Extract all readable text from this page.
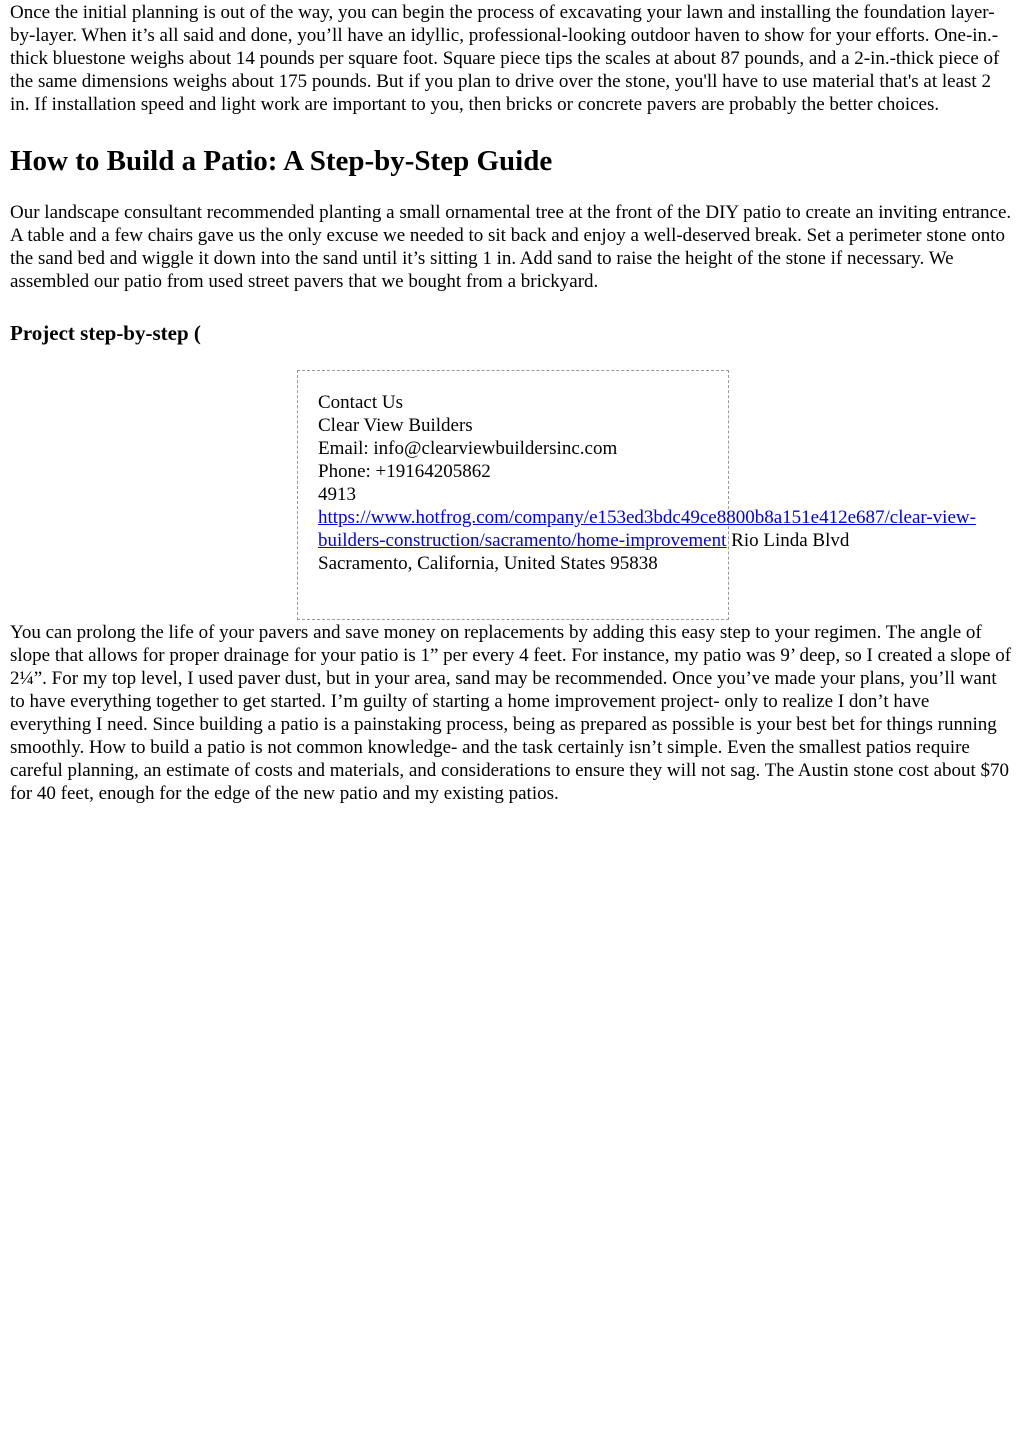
Once the initial planning is out of the way, you can begin the process of excavating your lawn and installing the foundation layer-by-layer. When it’s all said and done, you’ll have an idyllic, professional-looking outdoor haven to show for your efforts. One-in.-thick bluestone weighs about 14 pounds per square foot. Square piece tips the scales at about 87 pounds, and a 2-in.-thick piece of the same dimensions weighs about 175 pounds. But if you plan to drive over the stone, you'll have to use material that's at least 2 in. If installation speed and light work are important to you, then bricks or concrete pavers are probably the better choices.

How to Build a Patio: A Step-by-Step Guide

Our landscape consultant recommended planting a small ornamental tree at the front of the DIY patio to create an inviting entrance. A table and a few chairs gave us the only excuse we needed to sit back and enjoy a well-deserved break. Set a perimeter stone onto the sand bed and wiggle it down into the sand until it’s sitting 1 in. Add sand to raise the height of the stone if necessary. We assembled our patio from used street pavers that we bought from a brickyard.

Project step-by-step (
Contact Us
Clear View Builders
Email: info@clearviewbuildersinc.com
Phone: +19164205862
4913
https://www.hotfrog.com/company/e153ed3bdc49ce8800b8a151e412e687/clear-view-builders-construction/sacramento/home-improvement Rio Linda Blvd
Sacramento, California, United States 95838

You can prolong the life of your pavers and save money on replacements by adding this easy step to your regimen. The angle of slope that allows for proper drainage for your patio is 1” per every 4 feet. For instance, my patio was 9’ deep, so I created a slope of 2¼”. For my top level, I used paver dust, but in your area, sand may be recommended. Once you’ve made your plans, you’ll want to have everything together to get started. I’m guilty of starting a home improvement project- only to realize I don’t have everything I need. Since building a patio is a painstaking process, being as prepared as possible is your best bet for things running smoothly. How to build a patio is not common knowledge- and the task certainly isn’t simple. Even the smallest patios require careful planning, an estimate of costs and materials, and considerations to ensure they will not sag. The Austin stone cost about $70 for 40 feet, enough for the edge of the new patio and my existing patios.
